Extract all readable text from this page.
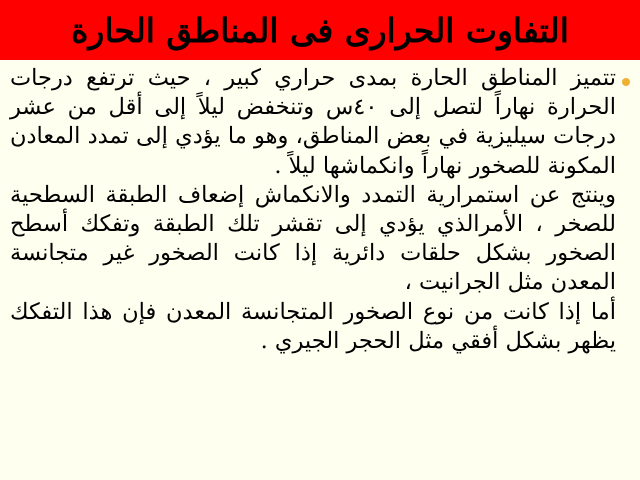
التفاوت الحرارى فى المناطق الحارة

تتميز المناطق الحارة بمدى حراري كبير ، حيث ترتفع درجات الحرارة نهاراً لتصل إلى ٤٠س وتنخفض ليلاً إلى أقل من عشر درجات سيليزية في بعض المناطق، وهو ما يؤدي إلى تمدد المعادن المكونة للصخور نهاراً وانكماشها ليلاً .

وينتج عن استمرارية التمدد والانكماش إضعاف الطبقة السطحية للصخر ، الأمرالذي يؤدي إلى تقشر تلك الطبقة وتفكك أسطح الصخور بشكل حلقات دائرية إذا كانت الصخور غير متجانسة المعدن مثل الجرانيت ،

أما إذا كانت من نوع الصخور المتجانسة المعدن فإن هذا التفكك يظهر بشكل أفقي مثل الحجر الجيري .
